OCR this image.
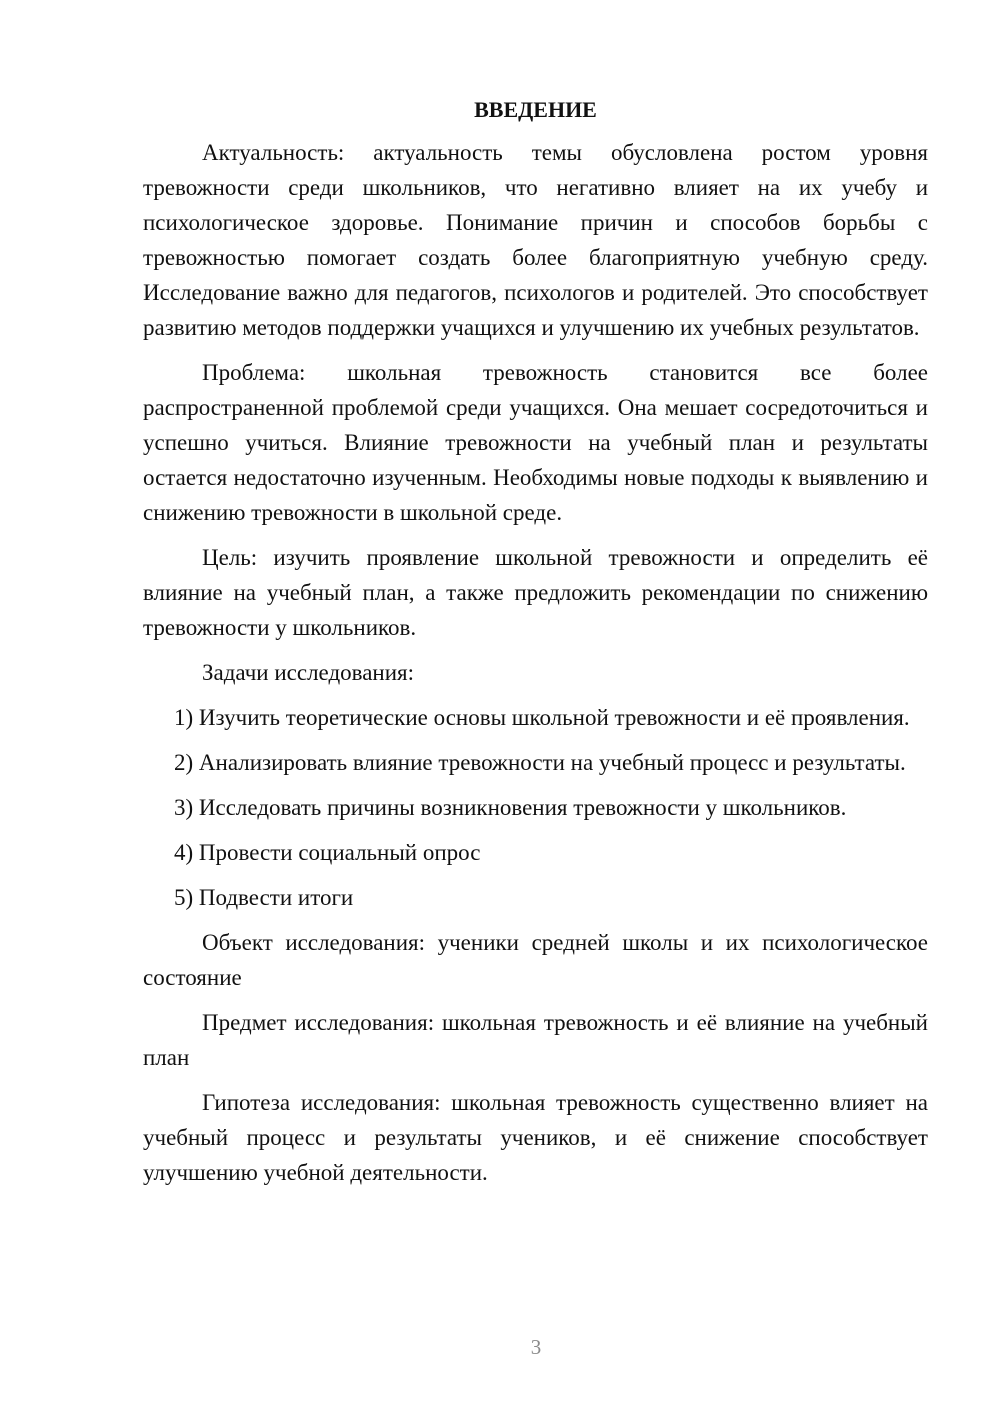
ВВЕДЕНИЕ

Актуальность: актуальность темы обусловлена ростом уровня тревожности среди школьников, что негативно влияет на их учебу и психологическое здоровье. Понимание причин и способов борьбы с тревожностью помогает создать более благоприятную учебную среду. Исследование важно для педагогов, психологов и родителей. Это способствует развитию методов поддержки учащихся и улучшению их учебных результатов.

Проблема: школьная тревожность становится все более распространенной проблемой среди учащихся. Она мешает сосредоточиться и успешно учиться. Влияние тревожности на учебный план и результаты остается недостаточно изученным. Необходимы новые подходы к выявлению и снижению тревожности в школьной среде.

Цель: изучить проявление школьной тревожности и определить её влияние на учебный план, а также предложить рекомендации по снижению тревожности у школьников.

Задачи исследования:

1) Изучить теоретические основы школьной тревожности и её проявления.

2) Анализировать влияние тревожности на учебный процесс и результаты.

3) Исследовать причины возникновения тревожности у школьников.

4) Провести социальный опрос

5) Подвести итоги

Объект исследования: ученики средней школы и их психологическое состояние

Предмет исследования: школьная тревожность и её влияние на учебный план

Гипотеза исследования: школьная тревожность существенно влияет на учебный процесс и результаты учеников, и её снижение способствует улучшению учебной деятельности.

3
